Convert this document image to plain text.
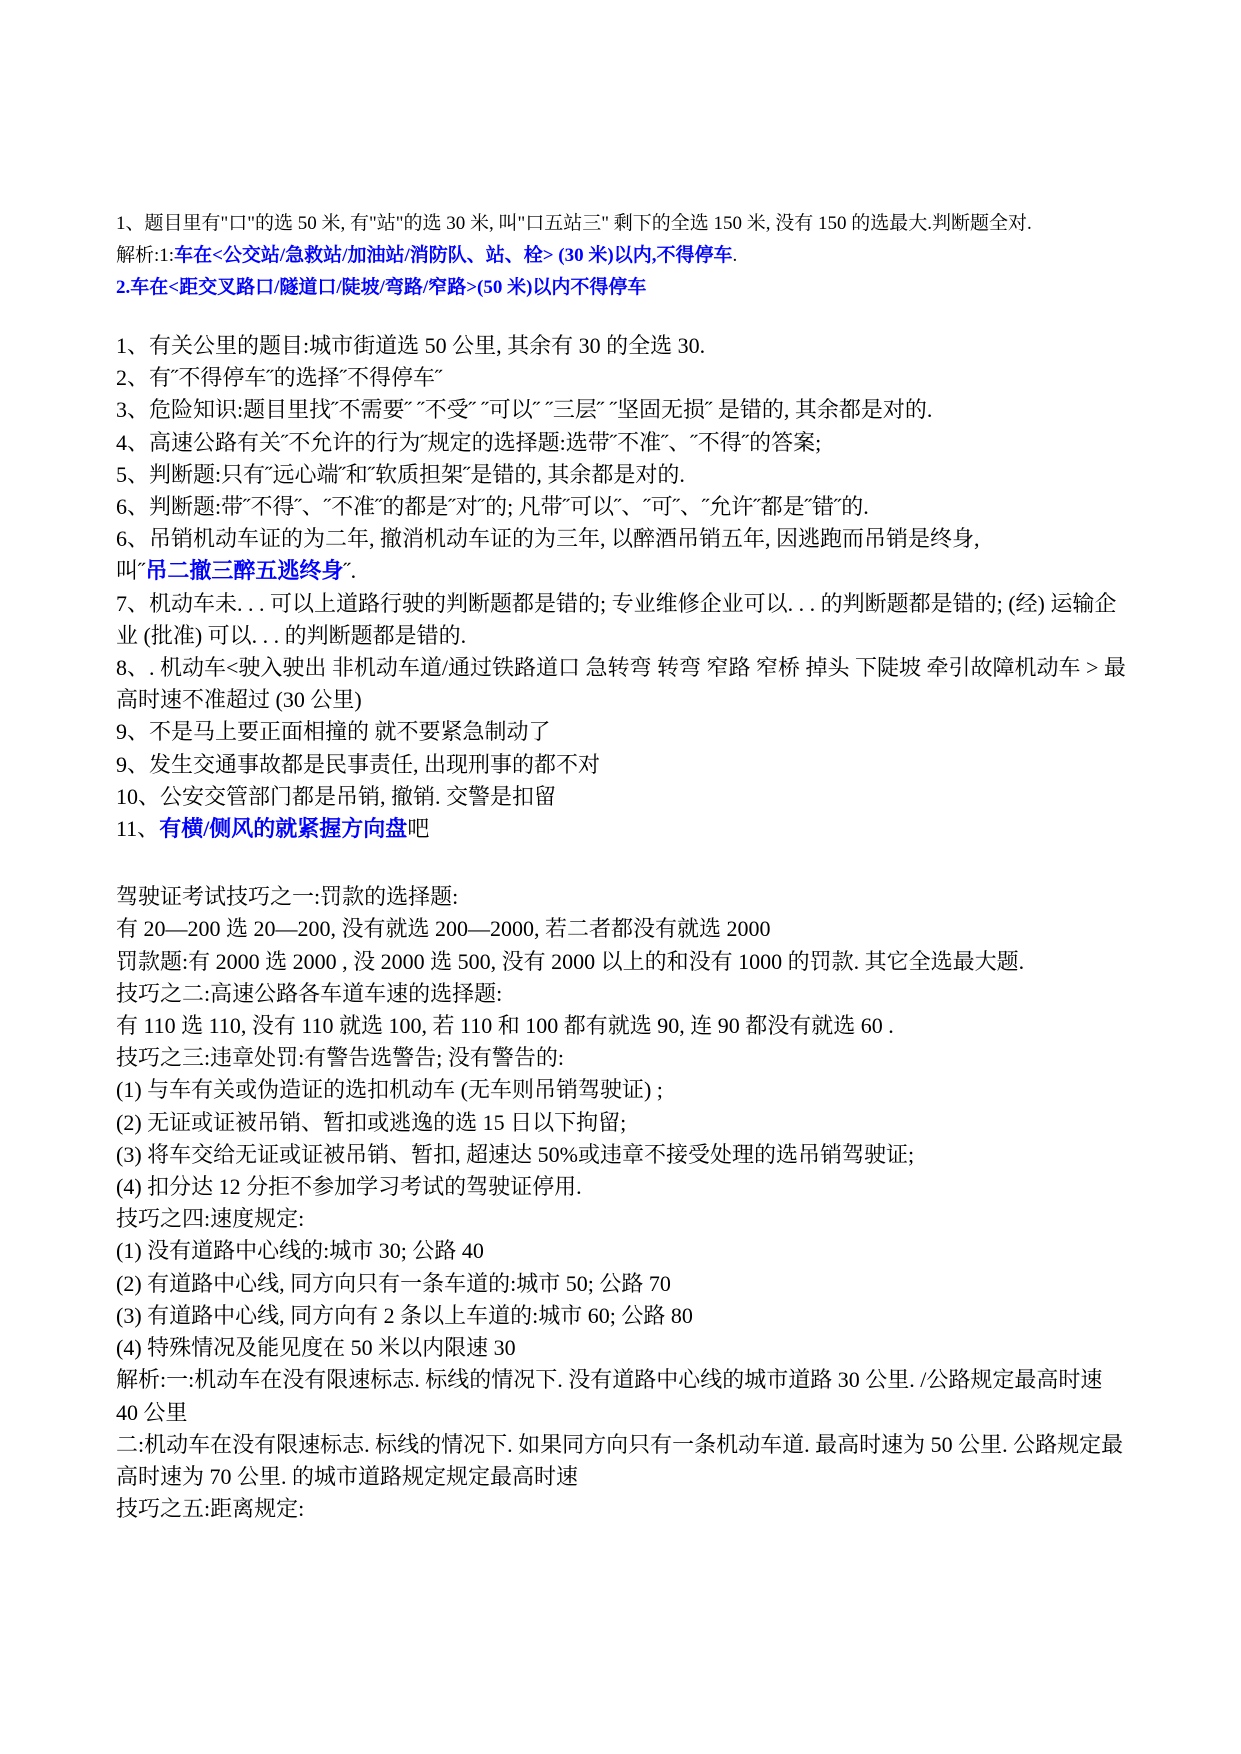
1、题目里有"口"的选 50 米, 有"站"的选 30 米, 叫"口五站三" 剩下的全选 150 米, 没有 150 的选最大.判断题全对.

解析:1:车在<公交站/急救站/加油站/消防队、站、栓> (30 米)以内,不得停车.

2.车在<距交叉路口/隧道口/陡坡/弯路/窄路>(50 米)以内不得停车

1、有关公里的题目:城市街道选 50 公里, 其余有 30 的全选 30.

2、有˝不得停车˝的选择˝不得停车˝

3、危险知识:题目里找˝不需要˝ ˝不受˝ ˝可以˝ ˝三层˝ ˝坚固无损˝ 是错的, 其余都是对的.

4、高速公路有关˝不允许的行为˝规定的选择题:选带˝不准˝、˝不得˝的答案;

5、判断题:只有˝远心端˝和˝软质担架˝是错的, 其余都是对的.

6、判断题:带˝不得˝、˝不准˝的都是˝对˝的; 凡带˝可以˝、˝可˝、˝允许˝都是˝错˝的.

6、吊销机动车证的为二年, 撤消机动车证的为三年, 以醉酒吊销五年, 因逃跑而吊销是终身,

叫˝吊二撤三醉五逃终身˝.

7、机动车未. . . 可以上道路行驶的判断题都是错的; 专业维修企业可以. . . 的判断题都是错的; (经) 运输企业 (批准) 可以. . . 的判断题都是错的.

8、. 机动车<驶入驶出 非机动车道/通过铁路道口 急转弯 转弯 窄路 窄桥 掉头 下陡坡 牵引故障机动车 > 最高时速不准超过 (30 公里)

9、不是马上要正面相撞的 就不要紧急制动了

9、发生交通事故都是民事责任, 出现刑事的都不对

10、公安交管部门都是吊销, 撤销. 交警是扣留

11、有横/侧风的就紧握方向盘吧

驾驶证考试技巧之一:罚款的选择题:

有 20—200 选 20—200, 没有就选 200—2000, 若二者都没有就选 2000

罚款题:有 2000 选 2000 , 没 2000 选 500, 没有 2000 以上的和没有 1000 的罚款. 其它全选最大题.

技巧之二:高速公路各车道车速的选择题:

有 110 选 110, 没有 110 就选 100, 若 110 和 100 都有就选 90, 连 90 都没有就选 60 .

技巧之三:违章处罚:有警告选警告; 没有警告的:

(1) 与车有关或伪造证的选扣机动车 (无车则吊销驾驶证) ;

(2) 无证或证被吊销、暂扣或逃逸的选 15 日以下拘留;

(3) 将车交给无证或证被吊销、暂扣, 超速达 50%或违章不接受处理的选吊销驾驶证;

(4) 扣分达 12 分拒不参加学习考试的驾驶证停用.

技巧之四:速度规定:

(1) 没有道路中心线的:城市 30; 公路 40

(2) 有道路中心线, 同方向只有一条车道的:城市 50; 公路 70

(3) 有道路中心线, 同方向有 2 条以上车道的:城市 60; 公路 80

(4) 特殊情况及能见度在 50 米以内限速 30

解析:一:机动车在没有限速标志. 标线的情况下. 没有道路中心线的城市道路 30 公里. /公路规定最高时速 40 公里

二:机动车在没有限速标志. 标线的情况下. 如果同方向只有一条机动车道. 最高时速为 50 公里. 公路规定最高时速为 70 公里. 的城市道路规定规定最高时速

技巧之五:距离规定:
